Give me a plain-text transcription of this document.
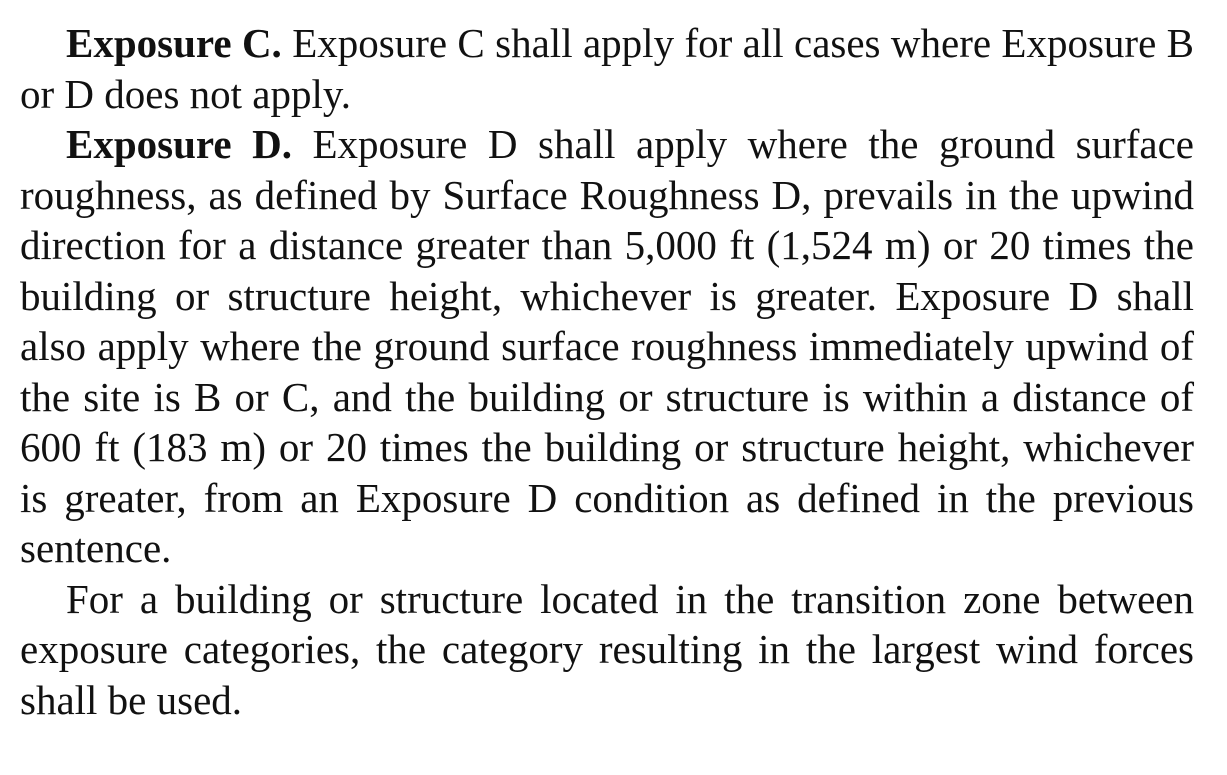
Exposure C. Exposure C shall apply for all cases where Exposure B or D does not apply.

Exposure D. Exposure D shall apply where the ground surface roughness, as defined by Surface Roughness D, prevails in the upwind direction for a distance greater than 5,000 ft (1,524 m) or 20 times the building or structure height, whichever is greater. Exposure D shall also apply where the ground surface roughness immediately upwind of the site is B or C, and the building or structure is within a distance of 600 ft (183 m) or 20 times the building or structure height, whichever is greater, from an Exposure D condition as defined in the previous sentence.

For a building or structure located in the transition zone between exposure categories, the category resulting in the largest wind forces shall be used.
